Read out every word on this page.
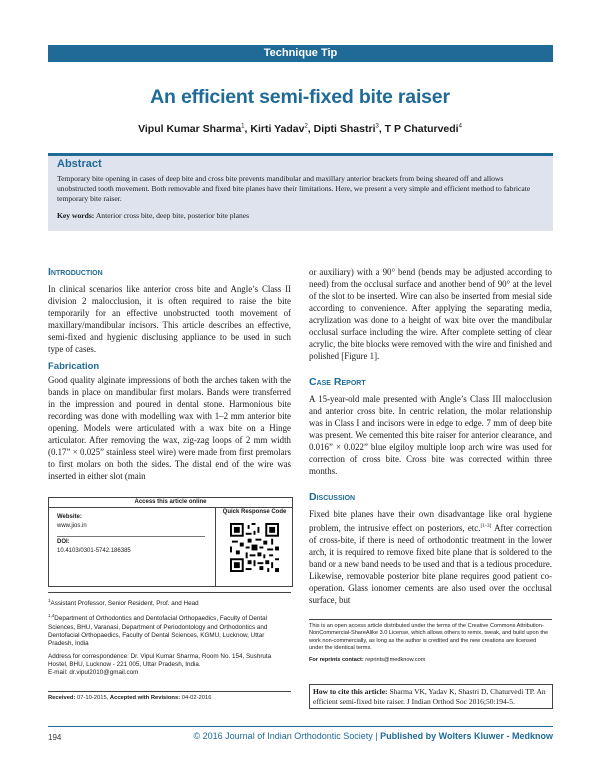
Technique Tip
An efficient semi-fixed bite raiser
Vipul Kumar Sharma$^1$, Kirti Yadav$^2$, Dipti Shastri$^3$, T P Chaturvedi$^4$
Abstract

Temporary bite opening in cases of deep bite and cross bite prevents mandibular and maxillary anterior brackets from being sheared off and allows unobstructed tooth movement. Both removable and fixed bite planes have their limitations. Here, we present a very simple and efficient method to fabricate temporary bite raiser.

Key words: Anterior cross bite, deep bite, posterior bite planes

Introduction

In clinical scenarios like anterior cross bite and Angle’s Class II division 2 malocclusion, it is often required to raise the bite temporarily for an effective unobstructed tooth movement of maxillary/mandibular incisors. This article describes an effective, semi-fixed and hygienic disclusing appliance to be used in such type of cases.

Fabrication

Good quality alginate impressions of both the arches taken with the bands in place on mandibular first molars. Bands were transferred in the impression and poured in dental stone. Harmonious bite recording was done with modelling wax with 1–2 mm anterior bite opening. Models were articulated with a wax bite on a Hinge articulator. After removing the wax, zig-zag loops of 2 mm width (0.17” × 0.025” stainless steel wire) were made from first premolars to first molars on both the sides. The distal end of the wire was inserted in either slot (main

or auxiliary) with a 90° bend (bends may be adjusted according to need) from the occlusal surface and another bend of 90° at the level of the slot to be inserted. Wire can also be inserted from mesial side according to convenience. After applying the separating media, acrylization was done to a height of wax bite over the mandibular occlusal surface including the wire. After complete setting of clear acrylic, the bite blocks were removed with the wire and finished and polished [Figure 1].

Case Report

A 15-year-old male presented with Angle’s Class III malocclusion and anterior cross bite. In centric relation, the molar relationship was in Class I and incisors were in edge to edge. 7 mm of deep bite was present. We cemented this bite raiser for anterior clearance, and 0.016” × 0.022” blue elgiloy multiple loop arch wire was used for correction of cross bite. Cross bite was corrected within three months.

Discussion

Fixed bite planes have their own disadvantage like oral hygiene problem, the intrusive effect on posteriors, etc.[1-3] After correction of cross-bite, if there is need of orthodontic treatment in the lower arch, it is required to remove fixed bite plane that is soldered to the band or a new band needs to be used and that is a tedious procedure. Likewise, removable posterior bite plane requires good patient co-operation. Glass ionomer cements are also used over the occlusal surface, but

Access this article online
Website:
www.jios.in
DOI:
10.4103/0301-5742.186385
Quick Response Code

$^1$Assistant Professor, Senior Resident, Prof. and Head

$^{1,4}$Department of Orthodontics and Dentofacial Orthopaedics, Faculty of Dental Sciences, BHU, Varanasi, Department of Periodontology and Orthodontics and Dentofacial Orthopaedics, Faculty of Dental Sciences, KGMU, Lucknow, Uttar Pradesh, India

Address for correspondence: Dr. Vipul Kumar Sharma, Room No. 154, Sushruta Hostel, BHU, Lucknow - 221 005, Uttar Pradesh, India.
E-mail: dr.vipul2010@gmail.com

Received: 07-10-2015, Accepted with Revisions: 04-02-2016

This is an open access article distributed under the terms of the Creative Commons Attribution-NonCommercial-ShareAlike 3.0 License, which allows others to remix, tweak, and build upon the work non-commercially, as long as the author is credited and the new creations are licensed under the identical terms.

For reprints contact: reprints@medknow.com

How to cite this article: Sharma VK, Yadav K, Shastri D, Chaturvedi TP. An efficient semi-fixed bite raiser. J Indian Orthod Soc 2016;50:194-5.
194	© 2016 Journal of Indian Orthodontic Society | Published by Wolters Kluwer - Medknow
